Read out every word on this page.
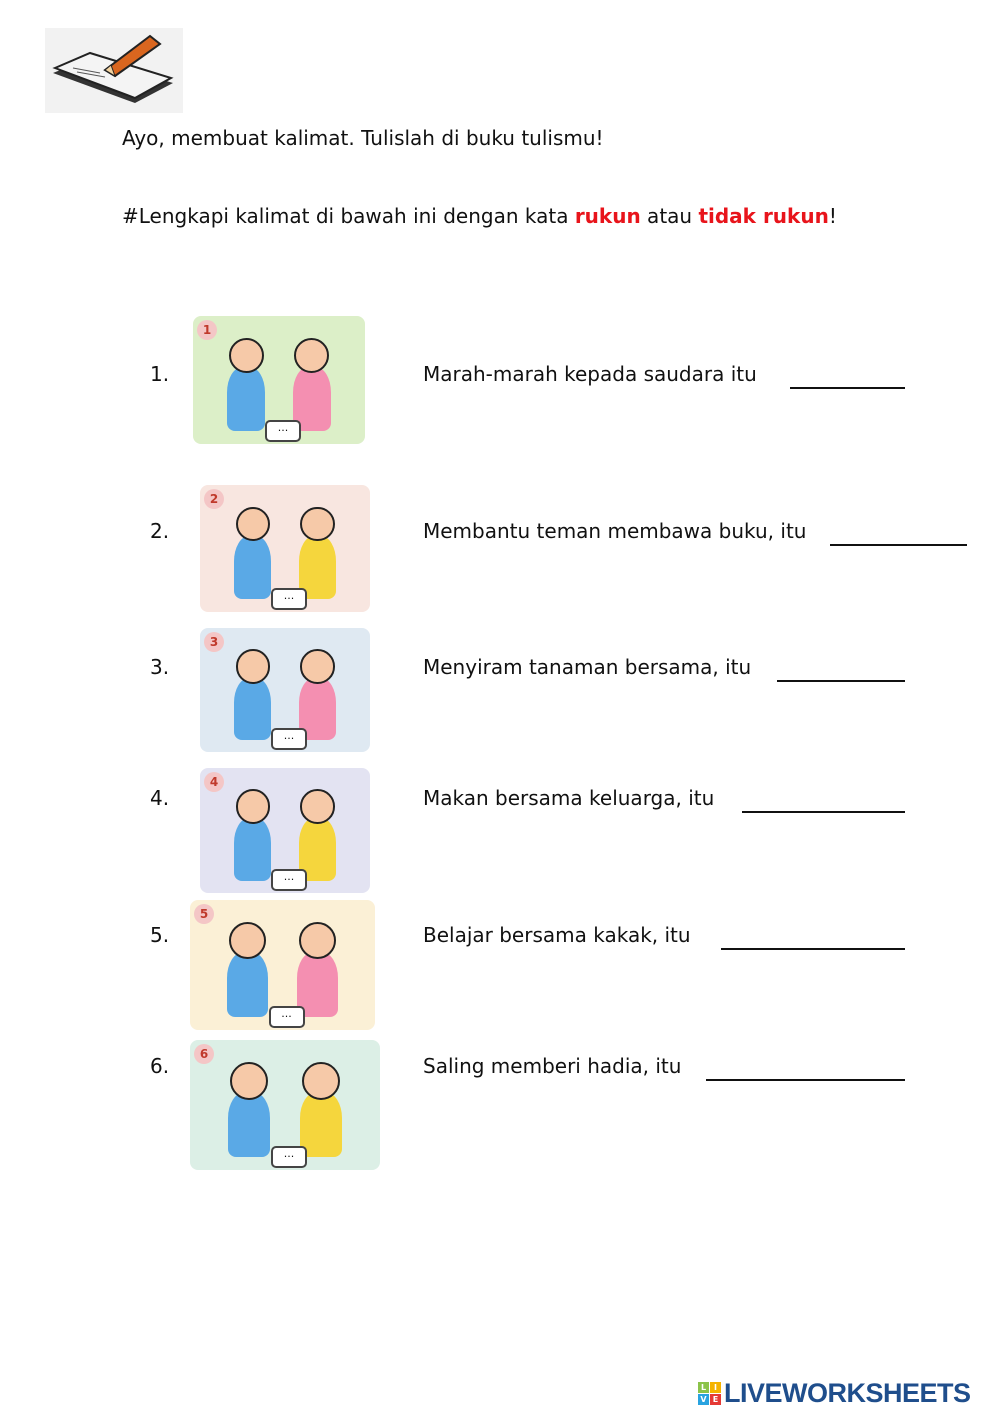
Ayo, membuat kalimat. Tulislah di buku tulismu!
#Lengkapi kalimat di bawah ini dengan kata rukun atau tidak rukun!
L I
V E LIVEWORKSHEETS
1.
1
...
Marah-marah kepada saudara itu
2.
2
...
Membantu teman membawa buku, itu
3.
3
...
Menyiram tanaman bersama, itu
4.
4
...
Makan bersama keluarga, itu
5.
5
...
Belajar bersama kakak, itu
6.	6
...
Saling memberi hadia, itu
